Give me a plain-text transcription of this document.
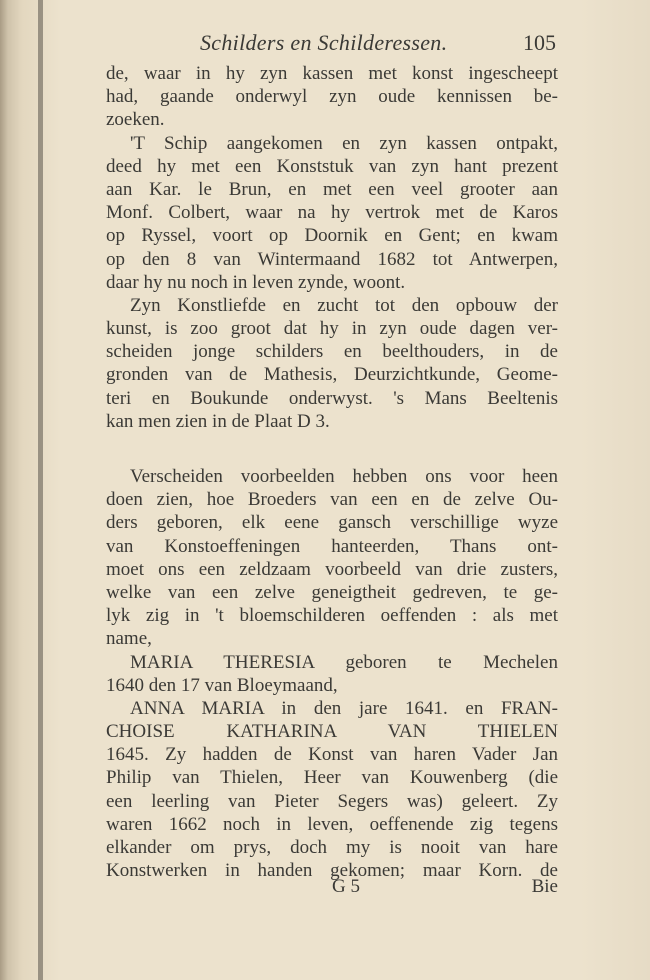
Schilders en Schilderessen.	105
de, waar in hy zyn kassen met konst ingescheept
had, gaande onderwyl zyn oude kennissen be-
zoeken.
'T Schip aangekomen en zyn kassen ontpakt,
deed hy met een Konststuk van zyn hant prezent
aan Kar. le Brun, en met een veel grooter aan
Monf. Colbert, waar na hy vertrok met de Karos
op Ryssel, voort op Doornik en Gent; en kwam
op den 8 van Wintermaand 1682 tot Antwerpen,
daar hy nu noch in leven zynde, woont.
Zyn Konstliefde en zucht tot den opbouw der
kunst, is zoo groot dat hy in zyn oude dagen ver-
scheiden jonge schilders en beelthouders, in de
gronden van de Mathesis, Deurzichtkunde, Geome-
teri en Boukunde onderwyst. 's Mans Beeltenis
kan men zien in de Plaat D 3.
Verscheiden voorbeelden hebben ons voor heen
doen zien, hoe Broeders van een en de zelve Ou-
ders geboren, elk eene gansch verschillige wyze
van Konstoeffeningen hanteerden, Thans ont-
moet ons een zeldzaam voorbeeld van drie zusters,
welke van een zelve geneigtheit gedreven, te ge-
lyk zig in 't bloemschilderen oeffenden : als met
name,
MARIA THERESIA geboren te Mechelen
1640 den 17 van Bloeymaand,
ANNA MARIA in den jare 1641. en FRAN-
CHOISE KATHARINA VAN THIELEN
1645. Zy hadden de Konst van haren Vader Jan
Philip van Thielen, Heer van Kouwenberg (die
een leerling van Pieter Segers was) geleert. Zy
waren 1662 noch in leven, oeffenende zig tegens
elkander om prys, doch my is nooit van hare
Konstwerken in handen gekomen; maar Korn. de
G 5	Bie
